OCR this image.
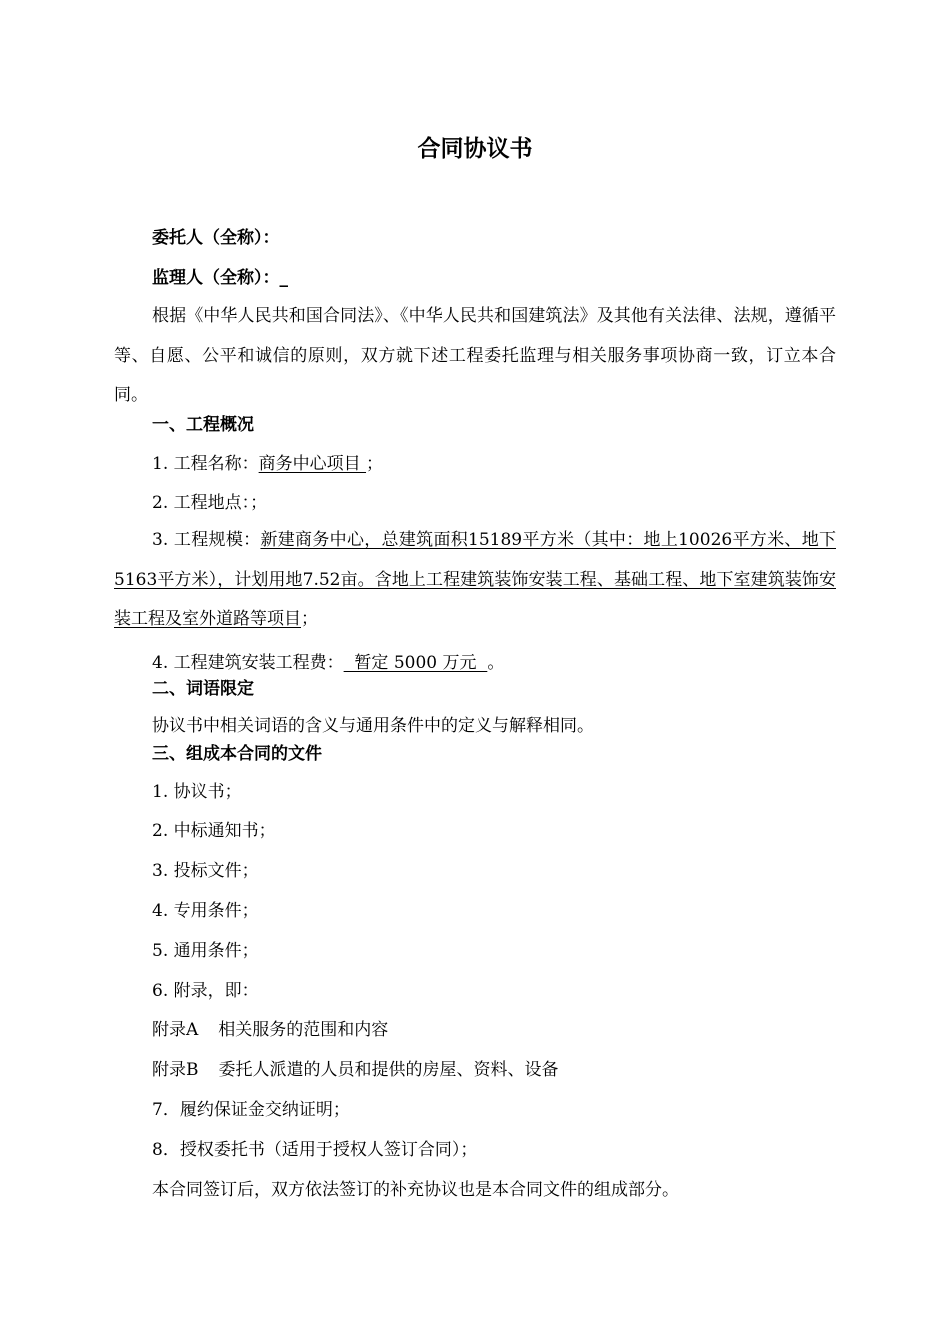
合同协议书
委托人（全称）：
监理人（全称）：_
根据《中华人民共和国合同法》、《中华人民共和国建筑法》及其他有关法律、法规，遵循平等、自愿、公平和诚信的原则，双方就下述工程委托监理与相关服务事项协商一致，订立本合同。
一、工程概况
1. 工程名称：商务中心项目 ；
2. 工程地点：；
3. 工程规模：新建商务中心，总建筑面积15189平方米（其中：地上10026平方米、地下5163平方米），计划用地7.52亩。含地上工程建筑装饰安装工程、基础工程、地下室建筑装饰安装工程及室外道路等项目；
4. 工程建筑安装工程费：  暂定 5000 万元  。
二、词语限定
协议书中相关词语的含义与通用条件中的定义与解释相同。
三、组成本合同的文件
1. 协议书；
2. 中标通知书；
3. 投标文件；
4. 专用条件；
5. 通用条件；
6. 附录，即：
附录A 相关服务的范围和内容
附录B 委托人派遣的人员和提供的房屋、资料、设备
7．履约保证金交纳证明；
8．授权委托书（适用于授权人签订合同）；
本合同签订后，双方依法签订的补充协议也是本合同文件的组成部分。
